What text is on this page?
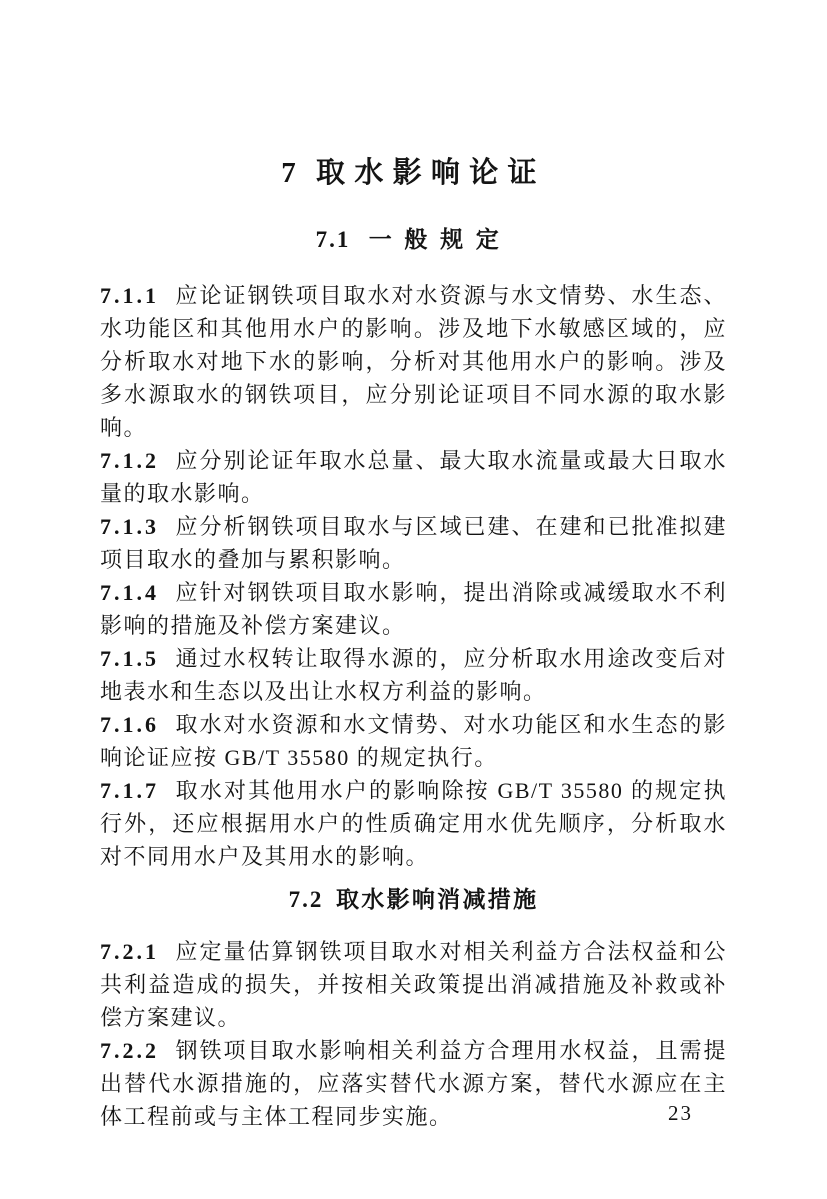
7 取水影响论证
7.1 一般规定

7.1.1 应论证钢铁项目取水对水资源与水文情势、水生态、水功能区和其他用水户的影响。涉及地下水敏感区域的，应分析取水对地下水的影响，分析对其他用水户的影响。涉及多水源取水的钢铁项目，应分别论证项目不同水源的取水影响。

7.1.2 应分别论证年取水总量、最大取水流量或最大日取水量的取水影响。

7.1.3 应分析钢铁项目取水与区域已建、在建和已批准拟建项目取水的叠加与累积影响。

7.1.4 应针对钢铁项目取水影响，提出消除或减缓取水不利影响的措施及补偿方案建议。

7.1.5 通过水权转让取得水源的，应分析取水用途改变后对地表水和生态以及出让水权方利益的影响。

7.1.6 取水对水资源和水文情势、对水功能区和水生态的影响论证应按 GB/T 35580 的规定执行。

7.1.7 取水对其他用水户的影响除按 GB/T 35580 的规定执行外，还应根据用水户的性质确定用水优先顺序，分析取水对不同用水户及其用水的影响。

7.2 取水影响消减措施

7.2.1 应定量估算钢铁项目取水对相关利益方合法权益和公共利益造成的损失，并按相关政策提出消减措施及补救或补偿方案建议。

7.2.2 钢铁项目取水影响相关利益方合理用水权益，且需提出替代水源措施的，应落实替代水源方案，替代水源应在主体工程前或与主体工程同步实施。	23
